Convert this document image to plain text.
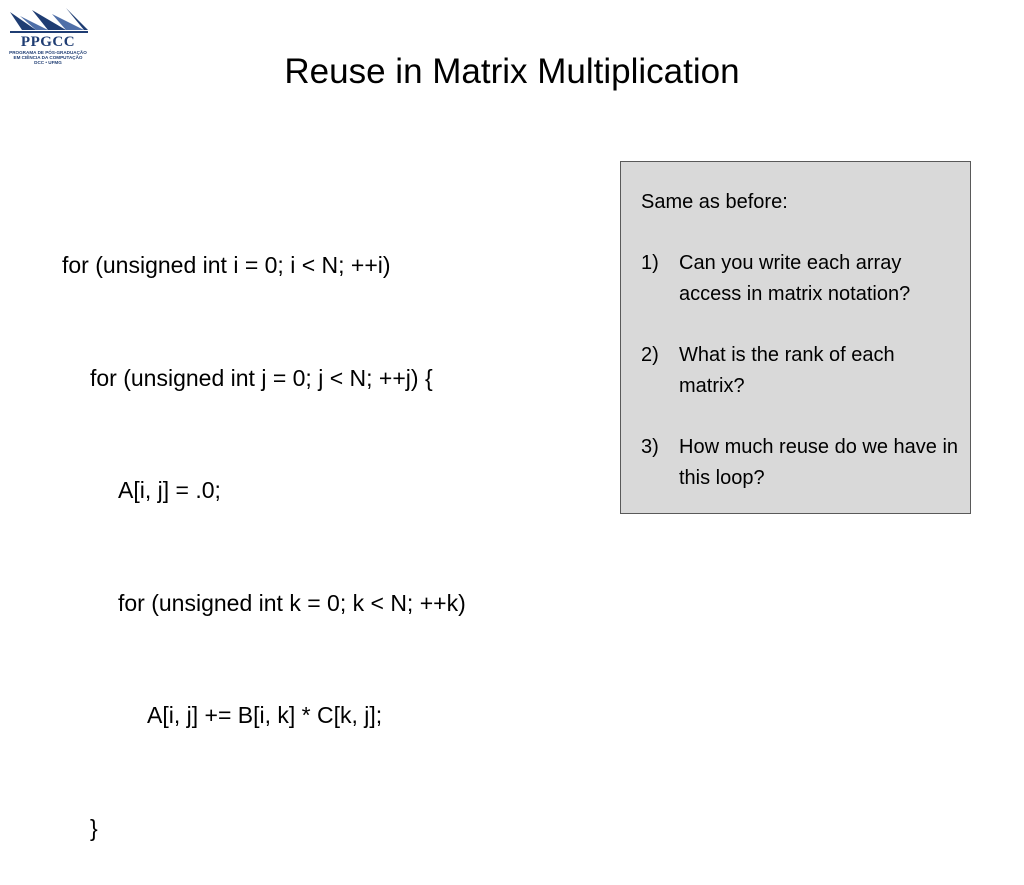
PPGCC
PROGRAMA DE PÓS-GRADUAÇÃO
EM CIÊNCIA DA COMPUTAÇÃO
DCC • UFMG	Reuse in Matrix Multiplication

for (unsigned int i = 0; i < N; ++i)

for (unsigned int j = 0; j < N; ++j) {

A[i, j] = .0;

for (unsigned int k = 0; k < N; ++k)

A[i, j] += B[i, k] * C[k, j];

}

Same as before:
1) Can you write each array access in matrix notation?
2) What is the rank of each matrix?
3) How much reuse do we have in this loop?
